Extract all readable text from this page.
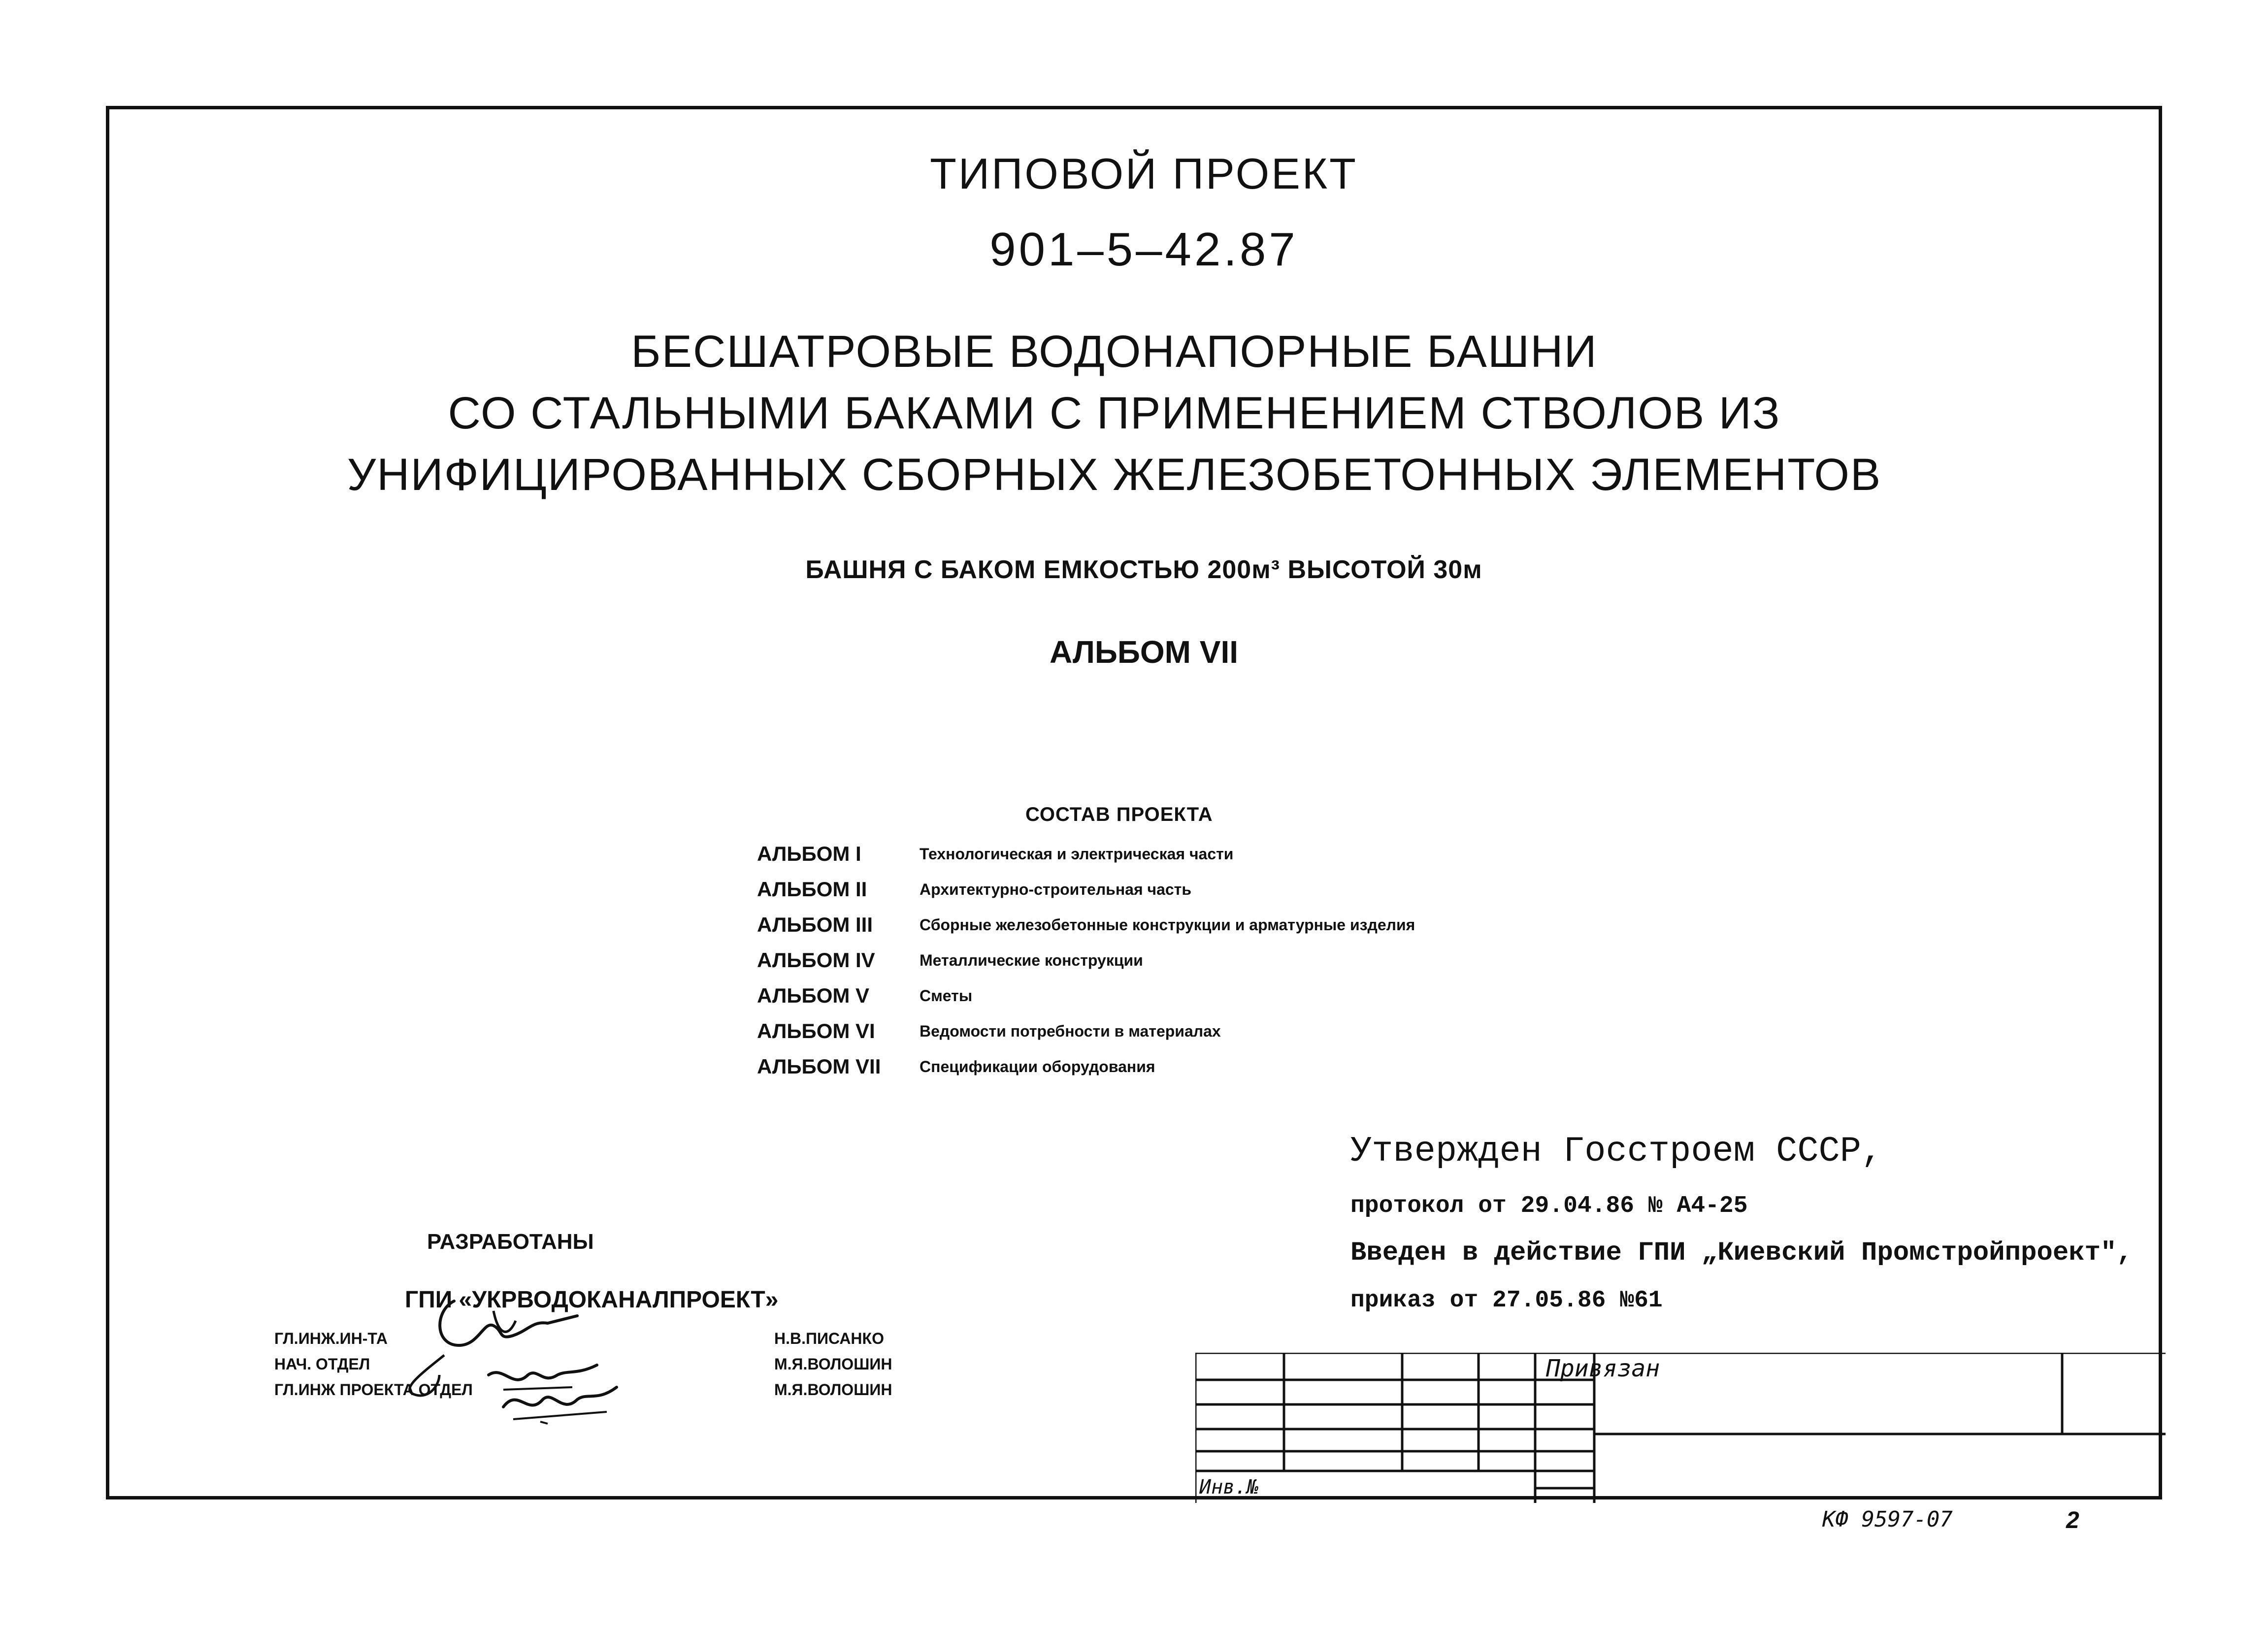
ТИПОВОЙ ПРОЕКТ
901–5–42.87
БЕСШАТРОВЫЕ ВОДОНАПОРНЫЕ БАШНИ
СО СТАЛЬНЫМИ БАКАМИ С ПРИМЕНЕНИЕМ СТВОЛОВ ИЗ
УНИФИЦИРОВАННЫХ СБОРНЫХ ЖЕЛЕЗОБЕТОННЫХ ЭЛЕМЕНТОВ
БАШНЯ С БАКОМ ЕМКОСТЬЮ 200м³ ВЫСОТОЙ 30м
АЛЬБОМ VII
СОСТАВ ПРОЕКТА
АЛЬБОМ I	Технологическая и электрическая части
АЛЬБОМ II	Архитектурно-строительная часть
АЛЬБОМ III	Сборные железобетонные конструкции и арматурные изделия
АЛЬБОМ IV	Металлические конструкции
АЛЬБОМ V	Сметы
АЛЬБОМ VI	Ведомости потребности в материалах
АЛЬБОМ VII Спецификации оборудования
Утвержден Госстроем СССР,
протокол от 29.04.86 № А4-25
Введен в действие ГПИ „Киевский Промстройпроект",
приказ от 27.05.86 №61
РАЗРАБОТАНЫ
ГПИ «УКРВОДОКАНАЛПРОЕКТ»
ГЛ.ИНЖ.ИН-ТА	Н.В.ПИСАНКО
НАЧ. ОТДЕЛ	М.Я.ВОЛОШИН
ГЛ.ИНЖ ПРОЕКТА ОТДЕЛ	М.Я.ВОЛОШИН
Привязан
Инв.№
КФ 9597-07	2
